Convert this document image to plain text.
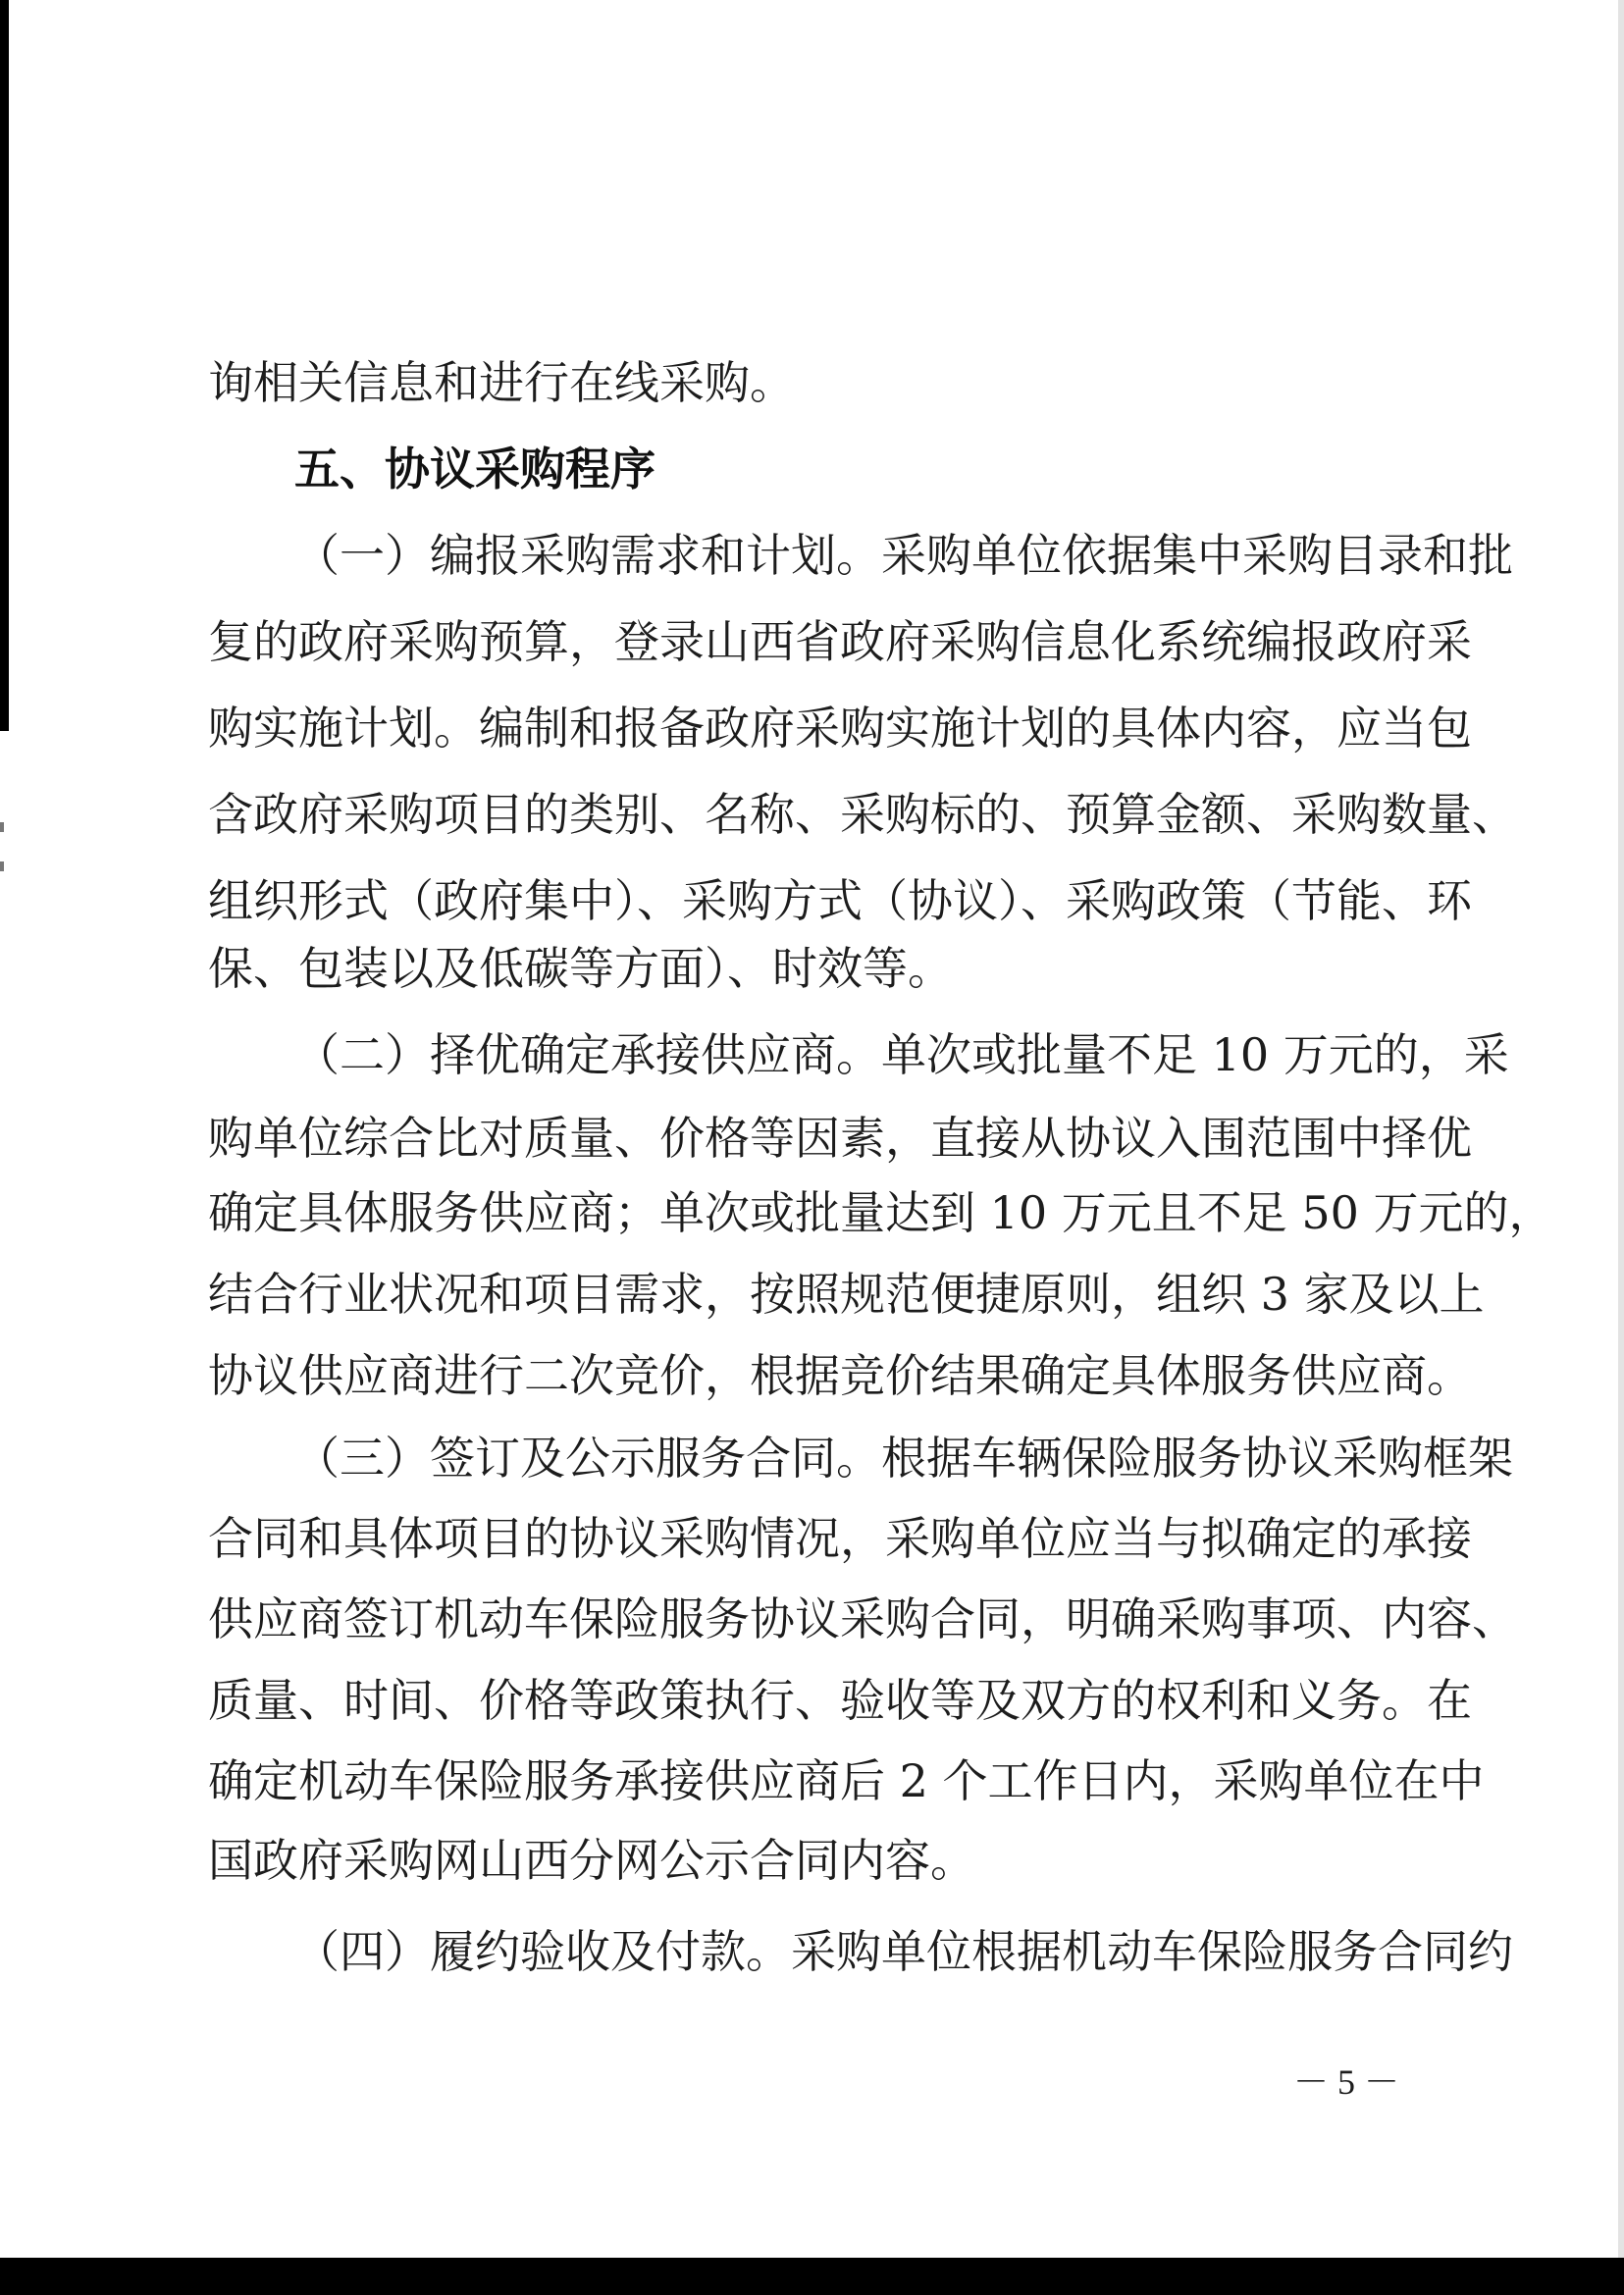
询相关信息和进行在线采购。
五、协议采购程序
（一）编报采购需求和计划。采购单位依据集中采购目录和批
复的政府采购预算，登录山西省政府采购信息化系统编报政府采
购实施计划。编制和报备政府采购实施计划的具体内容，应当包
含政府采购项目的类别、名称、采购标的、预算金额、采购数量、
组织形式（政府集中）、采购方式（协议）、采购政策（节能、环
保、包装以及低碳等方面）、时效等。
（二）择优确定承接供应商。单次或批量不足 10 万元的，采
购单位综合比对质量、价格等因素，直接从协议入围范围中择优
确定具体服务供应商；单次或批量达到 10 万元且不足 50 万元的，
结合行业状况和项目需求，按照规范便捷原则，组织 3 家及以上
协议供应商进行二次竞价，根据竞价结果确定具体服务供应商。
（三）签订及公示服务合同。根据车辆保险服务协议采购框架
合同和具体项目的协议采购情况，采购单位应当与拟确定的承接
供应商签订机动车保险服务协议采购合同，明确采购事项、内容、
质量、时间、价格等政策执行、验收等及双方的权利和义务。在
确定机动车保险服务承接供应商后 2 个工作日内，采购单位在中
国政府采购网山西分网公示合同内容。
（四）履约验收及付款。采购单位根据机动车保险服务合同约
－ 5 －
